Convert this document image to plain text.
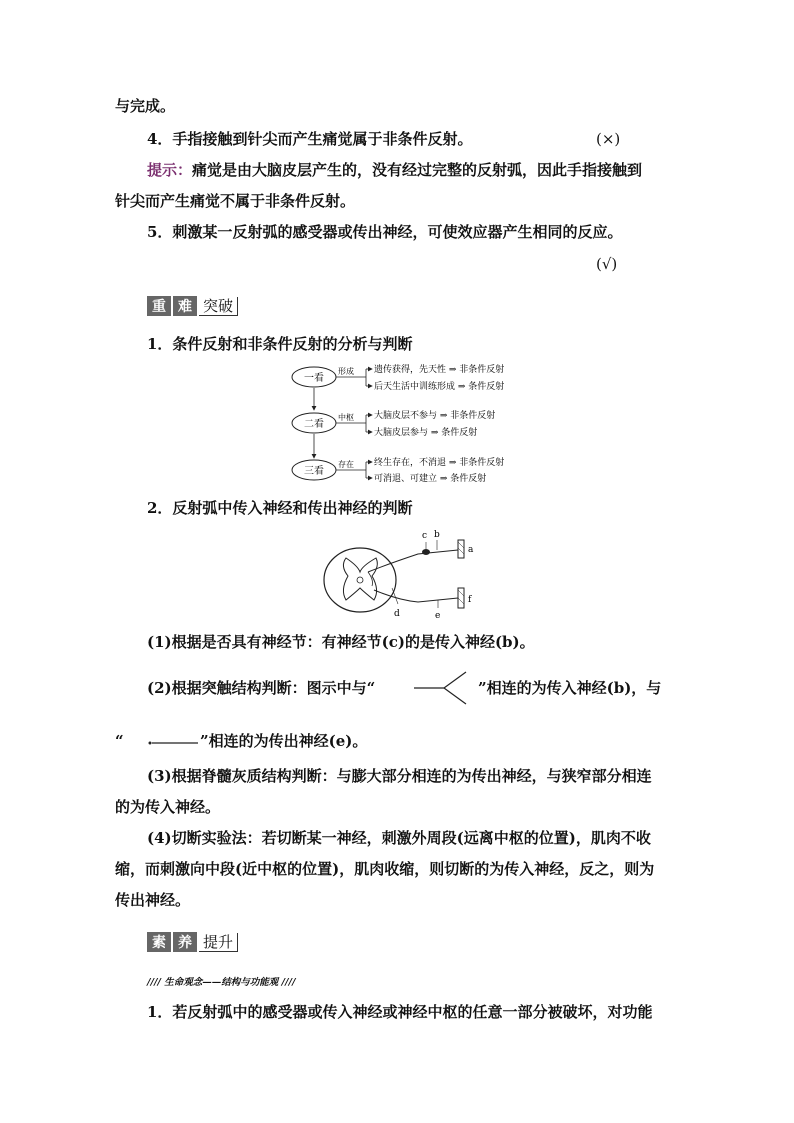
与完成。
4．手指接触到针尖而产生痛觉属于非条件反射。	(×)
提示：痛觉是由大脑皮层产生的，没有经过完整的反射弧，因此手指接触到
针尖而产生痛觉不属于非条件反射。
5．刺激某一反射弧的感受器或传出神经，可使效应器产生相同的反应。
(√)
重 难 突破
1．条件反射和非条件反射的分析与判断
一看
形成 遗传获得，先天性 ⇒ 非条件反射
后天生活中训练形成 ⇒ 条件反射
二看
中枢 大脑皮层不参与 ⇒ 非条件反射
大脑皮层参与 ⇒ 条件反射
三看
存在 终生存在，不消退 ⇒ 非条件反射
可消退、可建立 ⇒ 条件反射
2．反射弧中传入神经和传出神经的判断
a
b
c
d	e
f
(1)根据是否具有神经节：有神经节(c)的是传入神经(b)。
(2)根据突触结构判断：图示中与“	”相连的为传入神经(b)，与
“	”相连的为传出神经(e)。
(3)根据脊髓灰质结构判断：与膨大部分相连的为传出神经，与狭窄部分相连
的为传入神经。
(4)切断实验法：若切断某一神经，刺激外周段(远离中枢的位置)，肌肉不收
缩，而刺激向中段(近中枢的位置)，肌肉收缩，则切断的为传入神经，反之，则为
传出神经。
素 养 提升
//// 生命观念——结构与功能观 ////
1．若反射弧中的感受器或传入神经或神经中枢的任意一部分被破坏，对功能
